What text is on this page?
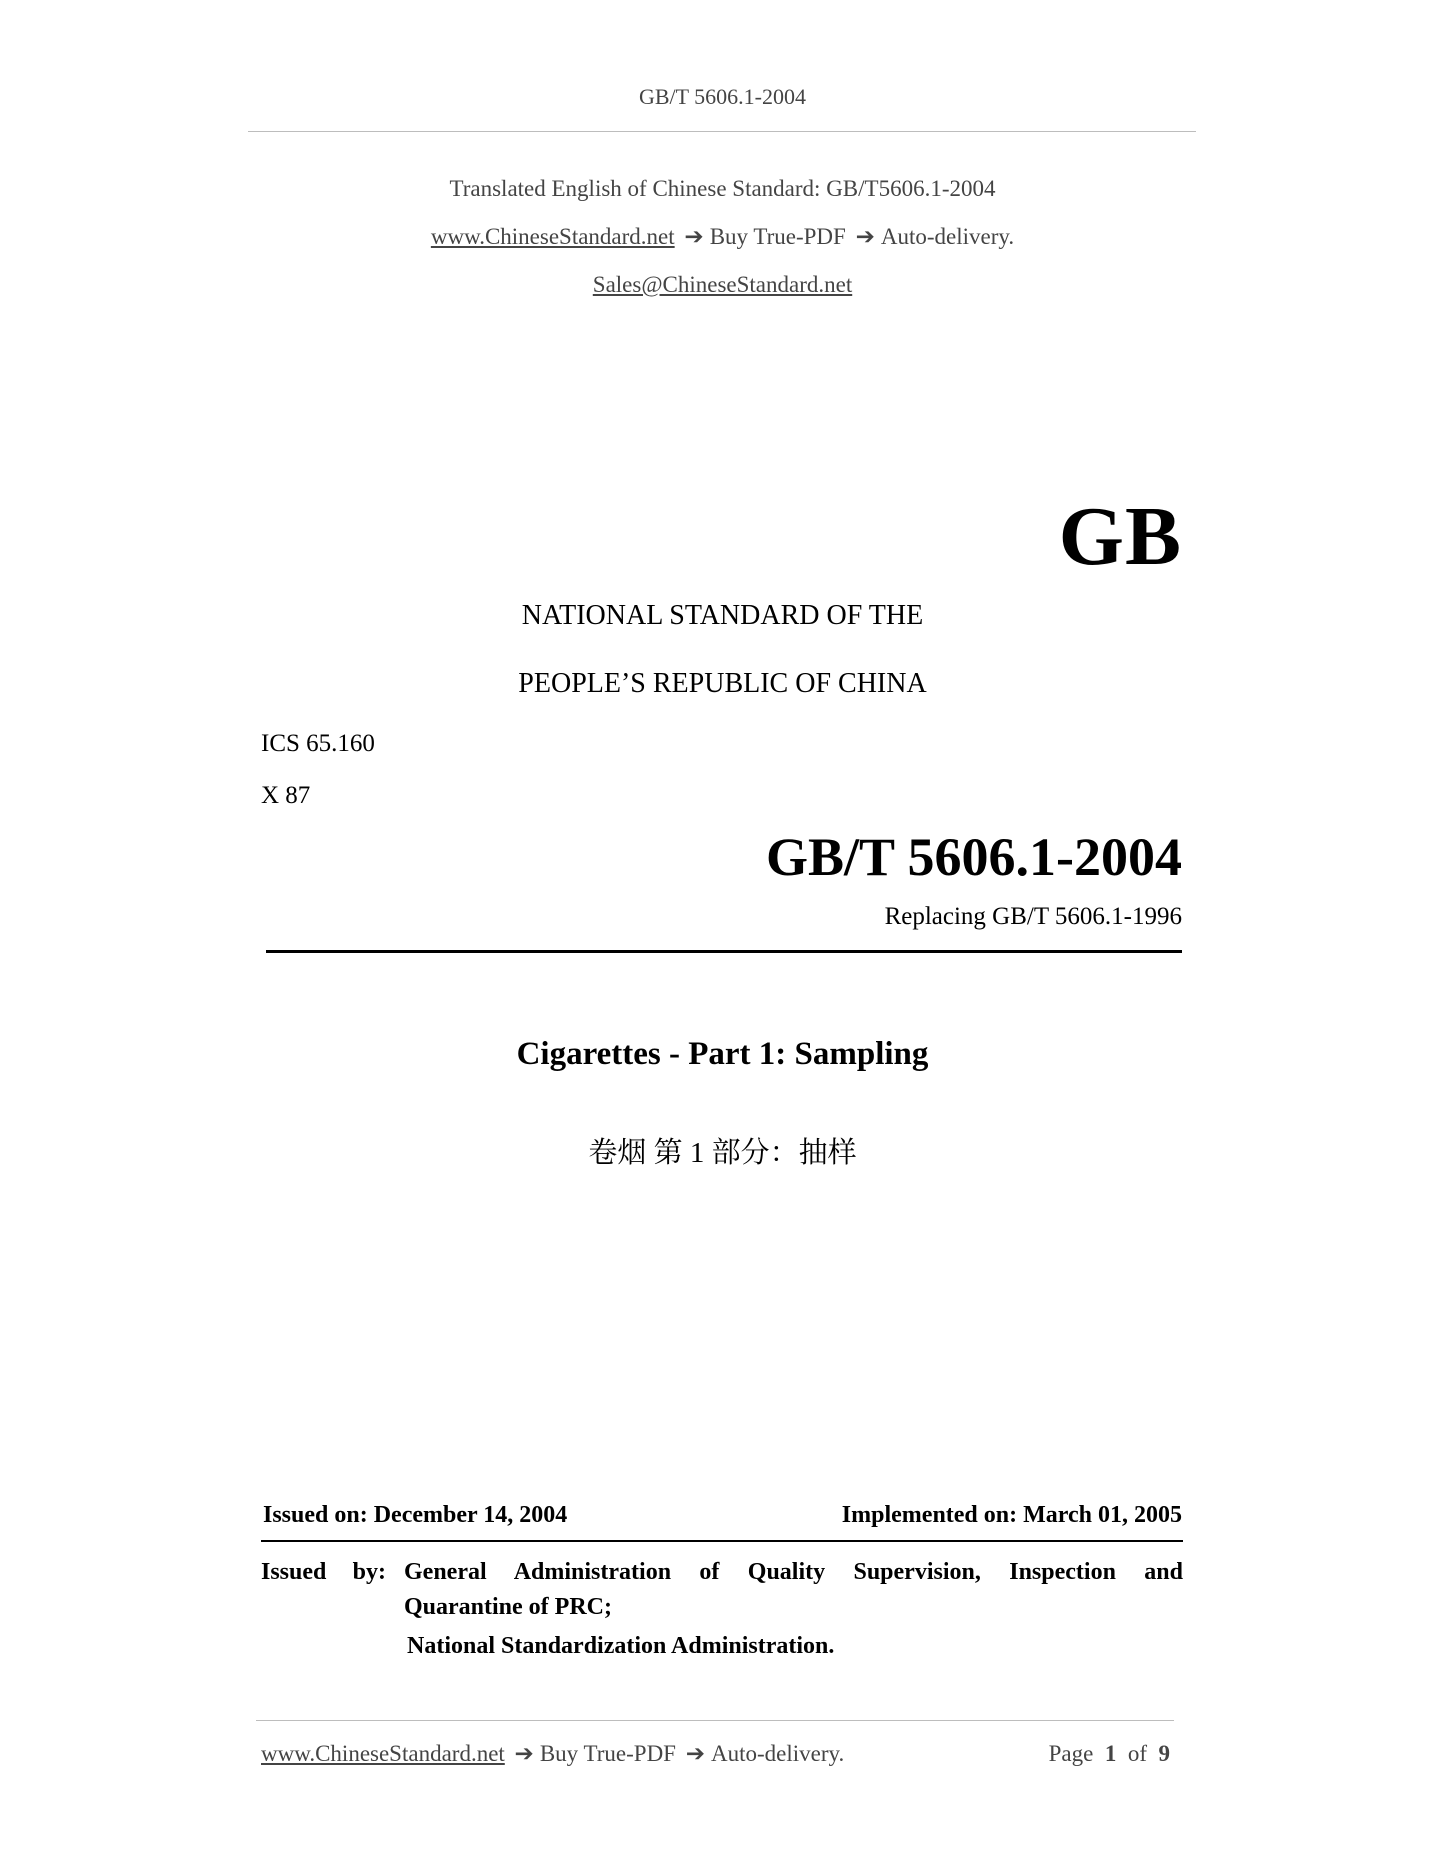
GB/T 5606.1-2004
Translated English of Chinese Standard: GB/T5606.1-2004
www.ChineseStandard.net ➔ Buy True-PDF ➔ Auto-delivery.
Sales@ChineseStandard.net
GB
NATIONAL STANDARD OF THE
PEOPLE’S REPUBLIC OF CHINA
ICS 65.160
X 87
GB/T 5606.1-2004
Replacing GB/T 5606.1-1996
Cigarettes - Part 1: Sampling
卷烟 第 1 部分：抽样
Issued on: December 14, 2004	Implemented on: March 01, 2005
Issued by: General Administration of Quality Supervision, Inspection and
Quarantine of PRC;
National Standardization Administration.
www.ChineseStandard.net ➔ Buy True-PDF ➔ Auto-delivery.	Page 1 of 9
